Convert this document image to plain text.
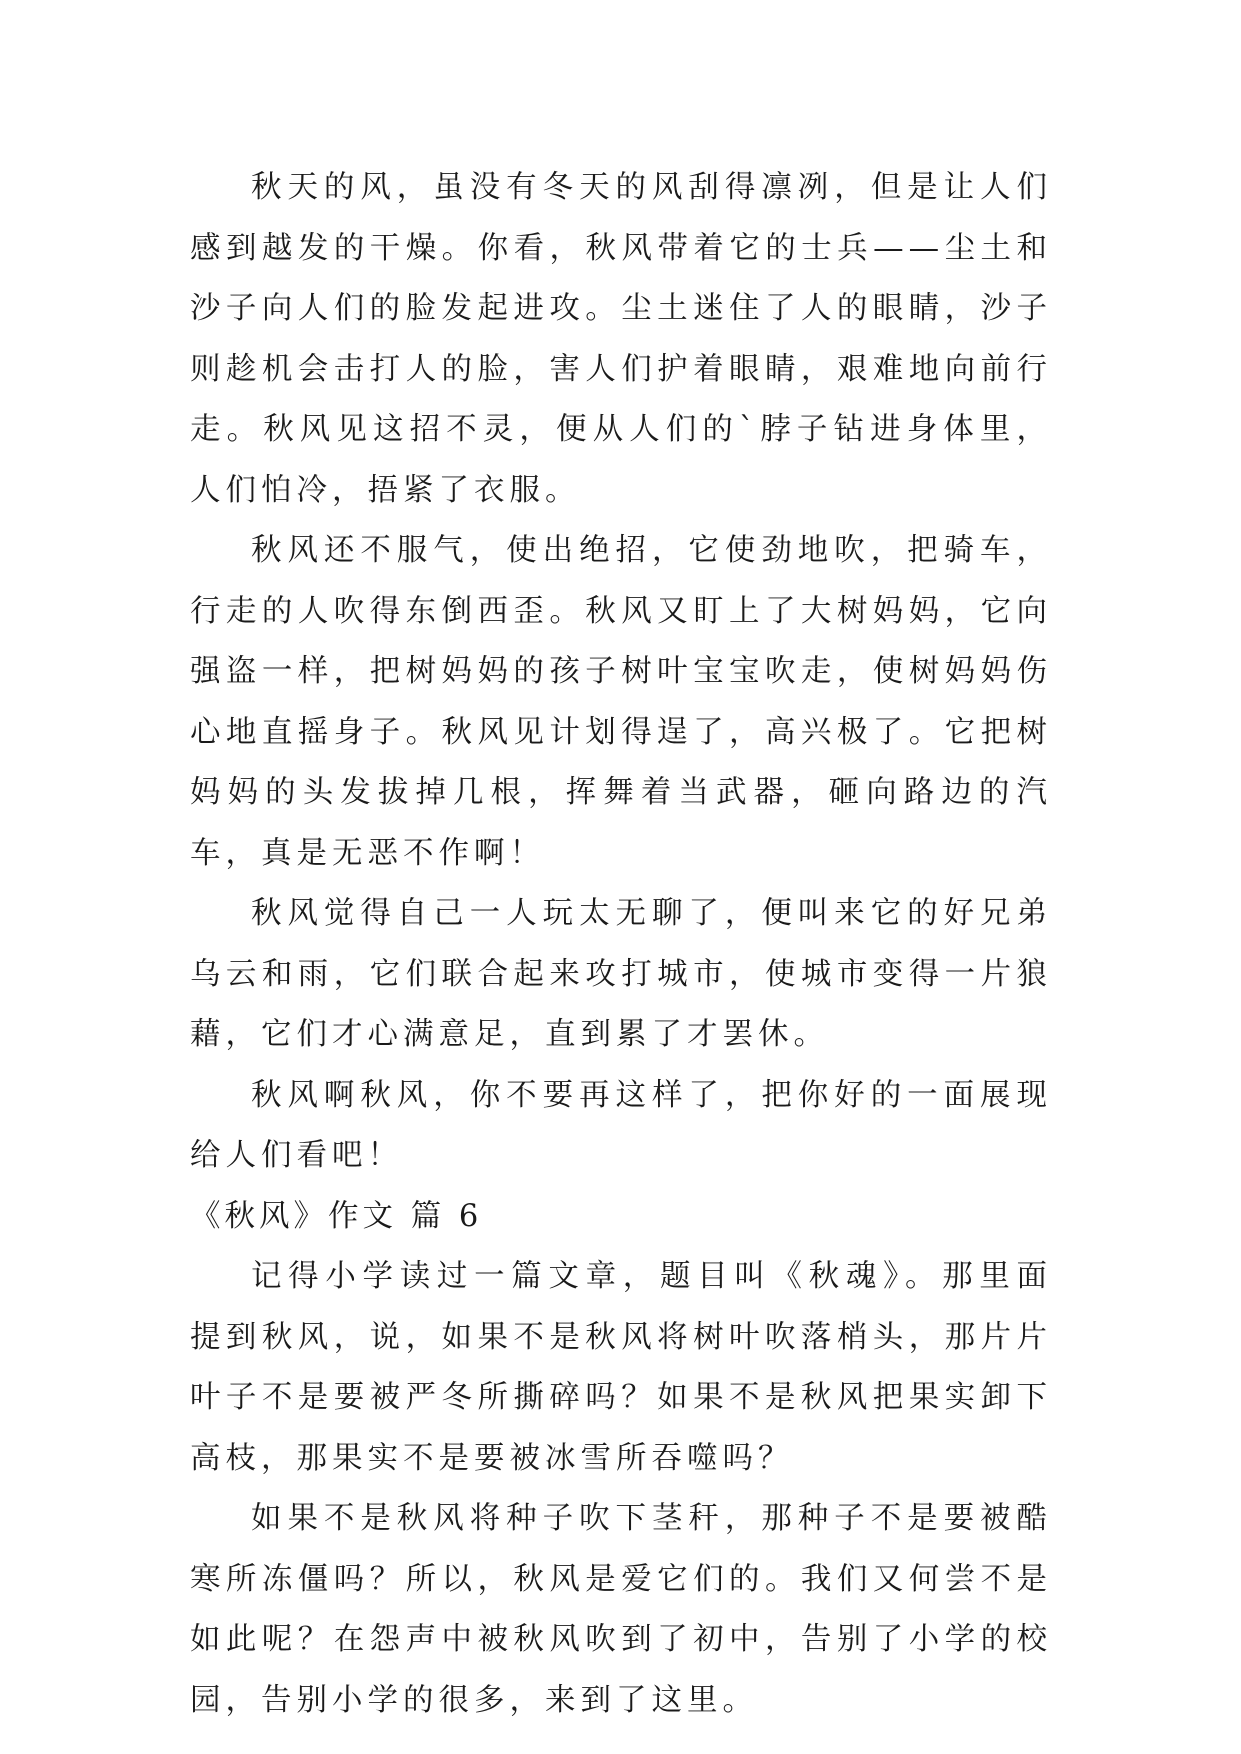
秋天的风，虽没有冬天的风刮得凛冽，但是让人们感到越发的干燥。你看，秋风带着它的士兵——尘土和沙子向人们的脸发起进攻。尘土迷住了人的眼睛，沙子则趁机会击打人的脸，害人们护着眼睛，艰难地向前行走。秋风见这招不灵，便从人们的`脖子钻进身体里，人们怕冷，捂紧了衣服。

秋风还不服气，使出绝招，它使劲地吹，把骑车，行走的人吹得东倒西歪。秋风又盯上了大树妈妈，它向强盗一样，把树妈妈的孩子树叶宝宝吹走，使树妈妈伤心地直摇身子。秋风见计划得逞了，高兴极了。它把树妈妈的头发拔掉几根，挥舞着当武器，砸向路边的汽车，真是无恶不作啊！

秋风觉得自己一人玩太无聊了，便叫来它的好兄弟乌云和雨，它们联合起来攻打城市，使城市变得一片狼藉，它们才心满意足，直到累了才罢休。

秋风啊秋风，你不要再这样了，把你好的一面展现给人们看吧！

《秋风》作文 篇 6

记得小学读过一篇文章，题目叫《秋魂》。那里面提到秋风，说，如果不是秋风将树叶吹落梢头，那片片叶子不是要被严冬所撕碎吗？如果不是秋风把果实卸下高枝，那果实不是要被冰雪所吞噬吗？

如果不是秋风将种子吹下茎秆，那种子不是要被酷寒所冻僵吗？所以，秋风是爱它们的。我们又何尝不是如此呢？在怨声中被秋风吹到了初中，告别了小学的校园，告别小学的很多，来到了这里。
